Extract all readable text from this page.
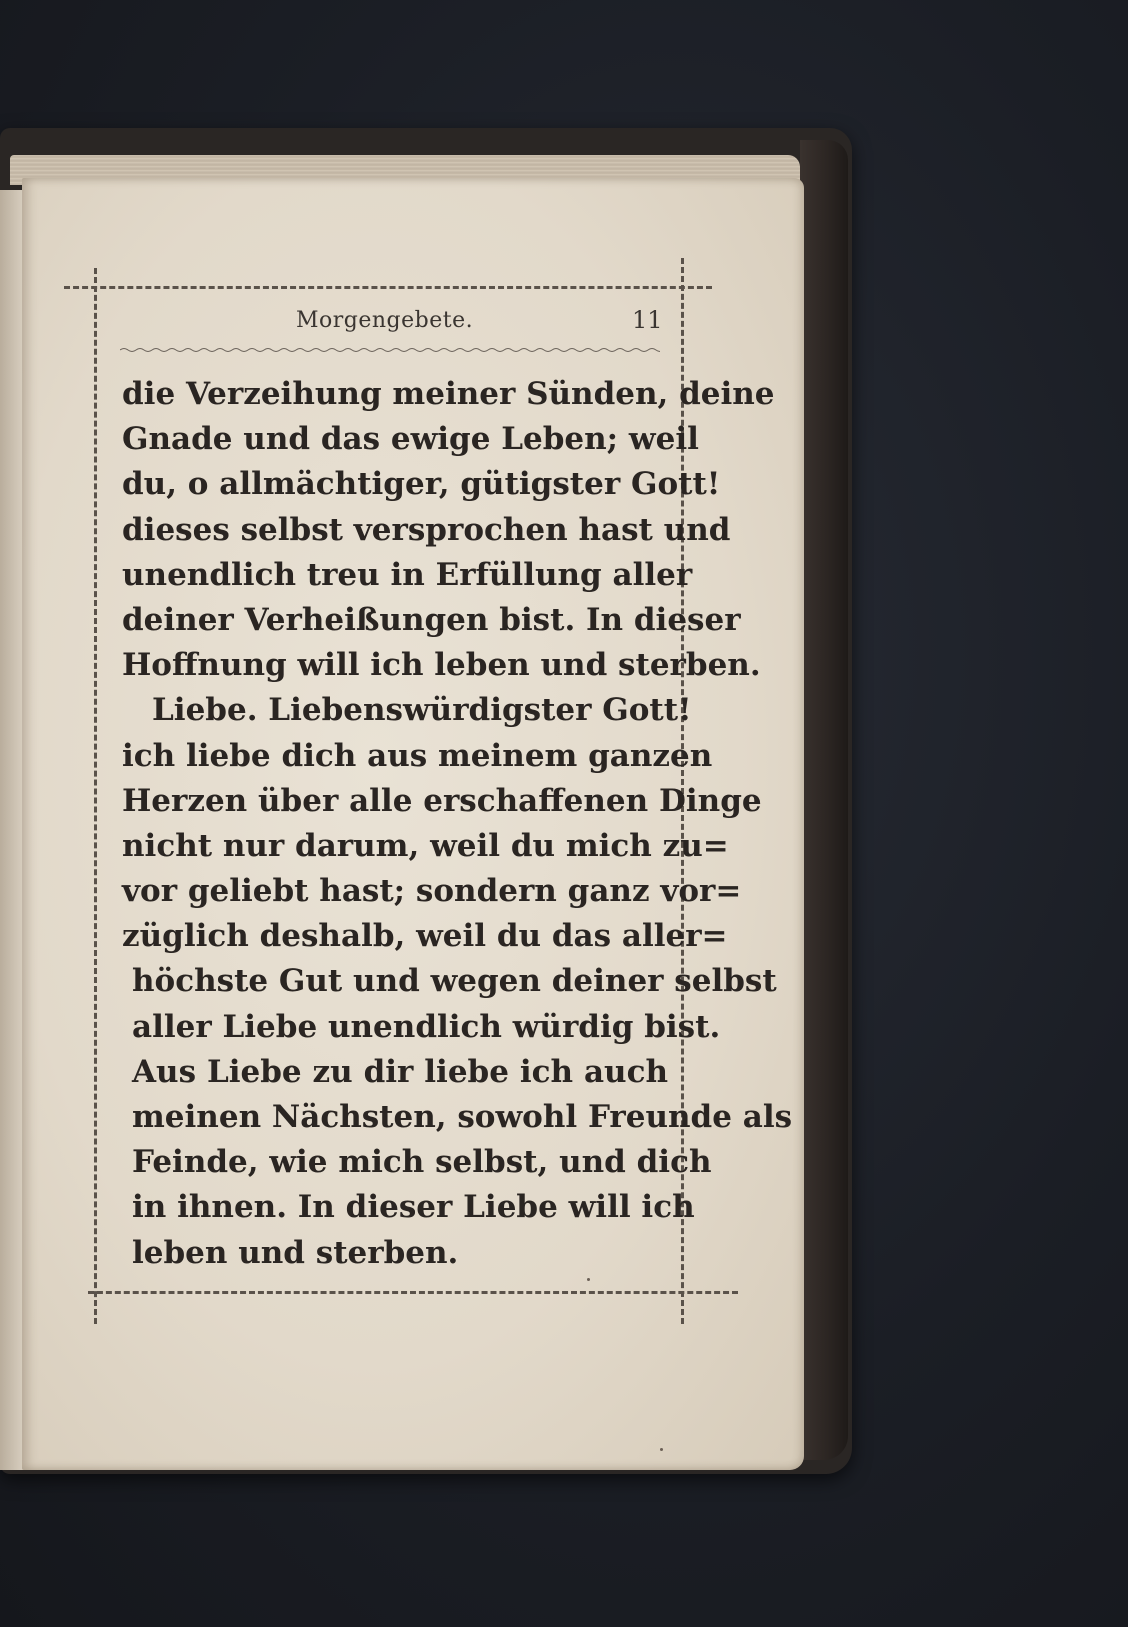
Morgengebete.	11
die Verzeihung meiner Sünden, deine
Gnade und das ewige Leben; weil
du, o allmächtiger, gütigster Gott!
dieses selbst versprochen hast und
unendlich treu in Erfüllung aller
deiner Verheißungen bist. In dieser
Hoffnung will ich leben und sterben.
Liebe. Liebenswürdigster Gott!
ich liebe dich aus meinem ganzen
Herzen über alle erschaffenen Dinge
nicht nur darum, weil du mich zu=
vor geliebt hast; sondern ganz vor=
züglich deshalb, weil du das aller=
höchste Gut und wegen deiner selbst
aller Liebe unendlich würdig bist.
Aus Liebe zu dir liebe ich auch
meinen Nächsten, sowohl Freunde als
Feinde, wie mich selbst, und dich
in ihnen. In dieser Liebe will ich
leben und sterben.
